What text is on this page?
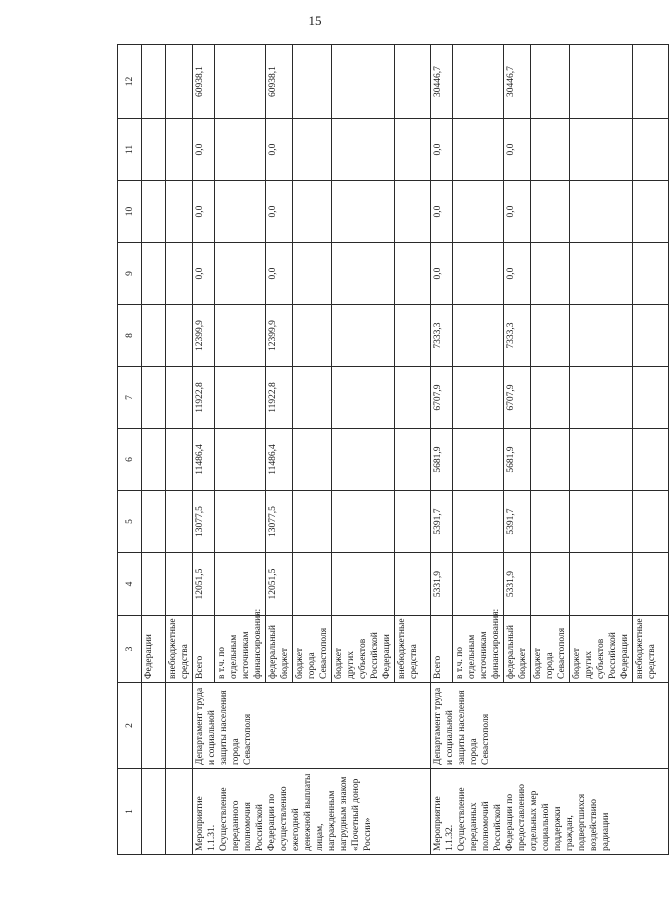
15
1	2	3	4	5	6	7	8	9	10	11	12
		Федерации									
		внебюджетные средства									
Мероприятие 1.1.31. Осуществление переданного полномочия Российской Федерации по осуществлению ежегодной денежной выплаты лицам, награжденным нагрудным знаком «Почетный донор России»	Департамент труда и социальной защиты населения города Севастополя	Всего	12051,5	13077,5	11486,4	11922,8	12399,9	0,0	0,0	0,0	60938,1
		в т.ч. по отдельным источникам финансирования:									
		федеральный бюджет	12051,5	13077,5	11486,4	11922,8	12399,9	0,0	0,0	0,0	60938,1
		бюджет города Севастополя									
		бюджет других субъектов Российской Федерации									
		внебюджетные средства									
Мероприятие 1.1.32. Осуществление переданных полномочий Российской Федерации по предоставлению отдельных мер социальной поддержки граждан, подвергшихся воздействию радиации	Департамент труда и социальной защиты населения города Севастополя	Всего	5331,9	5391,7	5681,9	6707,9	7333,3	0,0	0,0	0,0	30446,7
		в т.ч. по отдельным источникам финансирования:									
		федеральный бюджет	5331,9	5391,7	5681,9	6707,9	7333,3	0,0	0,0	0,0	30446,7
		бюджет города Севастополя									
		бюджет других субъектов Российской Федерации									
		внебюджетные средства									
